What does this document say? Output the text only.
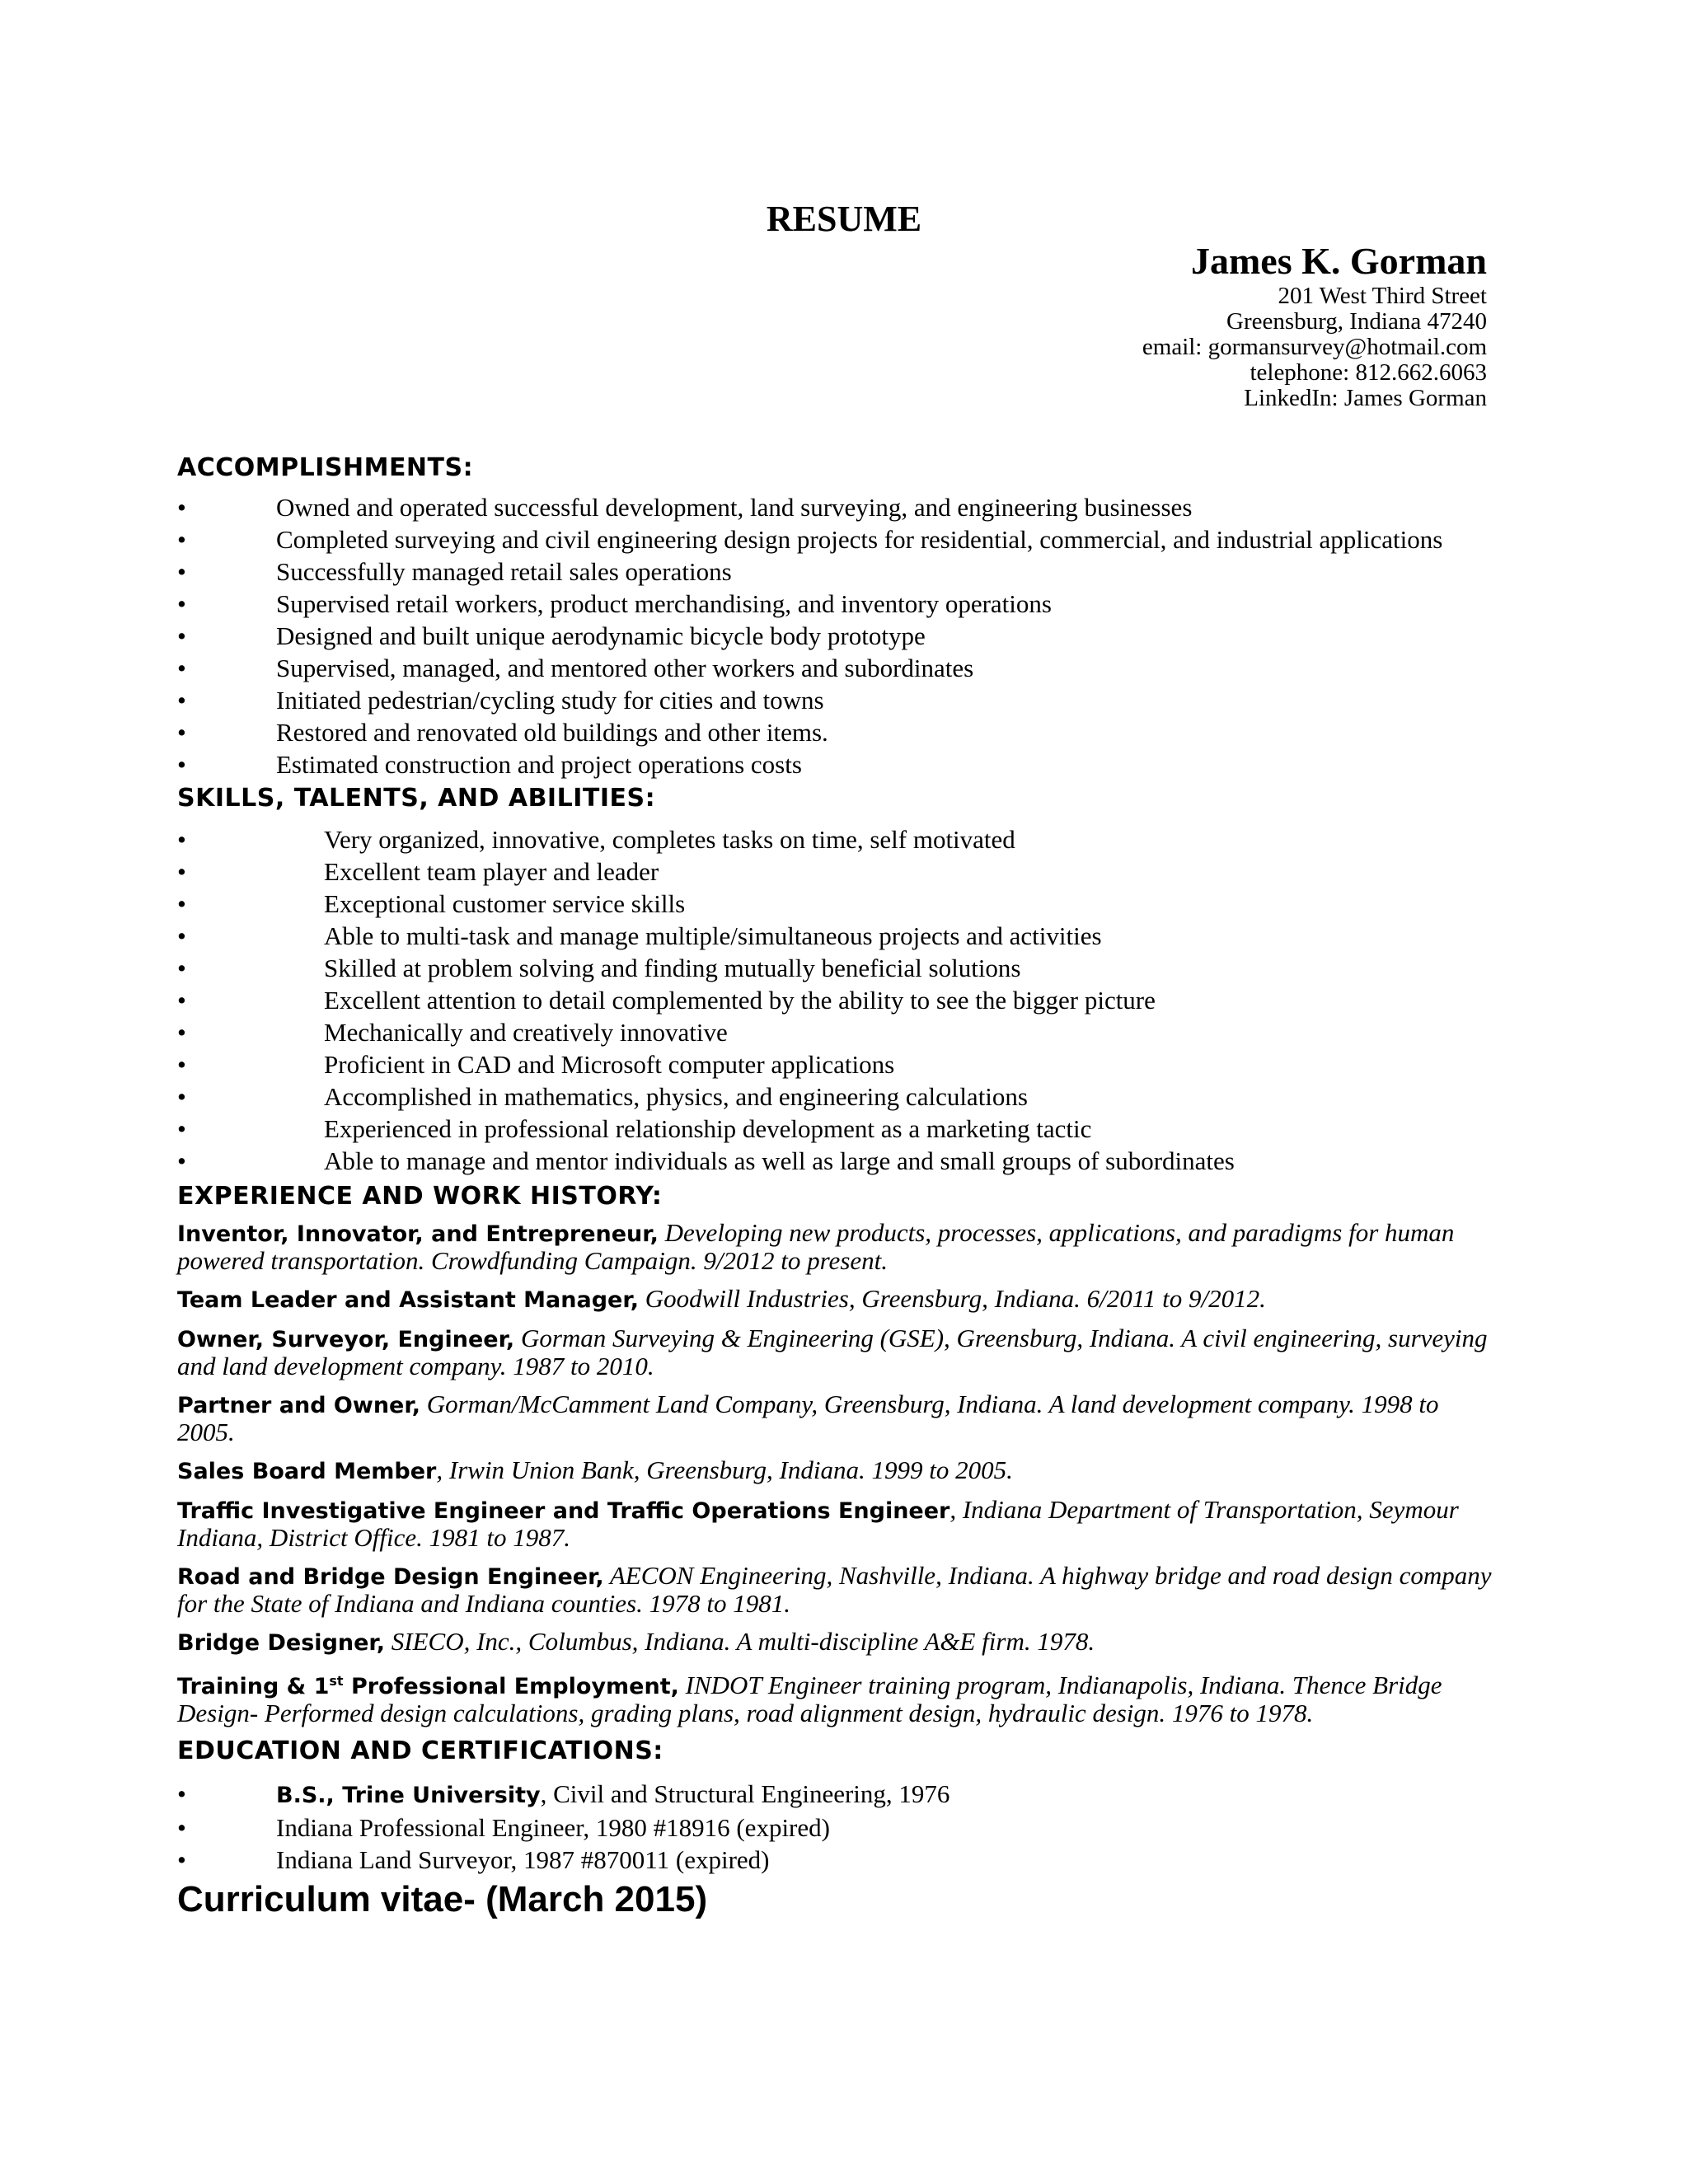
RESUME
James K. Gorman
201 West Third Street
Greensburg, Indiana 47240
email: gormansurvey@hotmail.com
telephone: 812.662.6063
LinkedIn: James Gorman
ACCOMPLISHMENTS:
•	Owned and operated successful development, land surveying, and engineering businesses
•	Completed surveying and civil engineering design projects for residential, commercial, and industrial applications
•	Successfully managed retail sales operations
•	Supervised retail workers, product merchandising, and inventory operations
•	Designed and built unique aerodynamic bicycle body prototype
•	Supervised, managed, and mentored other workers and subordinates
•	Initiated pedestrian/cycling study for cities and towns
•	Restored and renovated old buildings and other items.
•	Estimated construction and project operations costs
SKILLS, TALENTS, AND ABILITIES:
•	Very organized, innovative, completes tasks on time, self motivated
•	Excellent team player and leader
•	Exceptional customer service skills
•	Able to multi-task and manage multiple/simultaneous projects and activities
•	Skilled at problem solving and finding mutually beneficial solutions
•	Excellent attention to detail complemented by the ability to see the bigger picture
•	Mechanically and creatively innovative
•	Proficient in CAD and Microsoft computer applications
•	Accomplished in mathematics, physics, and engineering calculations
•	Experienced in professional relationship development as a marketing tactic
•	Able to manage and mentor individuals as well as large and small groups of subordinates
EXPERIENCE AND WORK HISTORY:
Inventor, Innovator, and Entrepreneur, Developing new products, processes, applications, and paradigms for human powered transportation. Crowdfunding Campaign. 9/2012 to present.
Team Leader and Assistant Manager, Goodwill Industries, Greensburg, Indiana. 6/2011 to 9/2012.
Owner, Surveyor, Engineer, Gorman Surveying & Engineering (GSE), Greensburg, Indiana. A civil engineering, surveying and land development company. 1987 to 2010.
Partner and Owner, Gorman/McCamment Land Company, Greensburg, Indiana. A land development company. 1998 to 2005.
Sales Board Member, Irwin Union Bank, Greensburg, Indiana. 1999 to 2005.
Traffic Investigative Engineer and Traffic Operations Engineer, Indiana Department of Transportation, Seymour Indiana, District Office. 1981 to 1987.
Road and Bridge Design Engineer, AECON Engineering, Nashville, Indiana. A highway bridge and road design company for the State of Indiana and Indiana counties. 1978 to 1981.
Bridge Designer, SIECO, Inc., Columbus, Indiana. A multi-discipline A&E firm. 1978.
Training & 1st Professional Employment, INDOT Engineer training program, Indianapolis, Indiana. Thence Bridge Design- Performed design calculations, grading plans, road alignment design, hydraulic design. 1976 to 1978.
EDUCATION AND CERTIFICATIONS:
•	B.S., Trine University, Civil and Structural Engineering, 1976
•	Indiana Professional Engineer, 1980 #18916 (expired)
•	Indiana Land Surveyor, 1987 #870011 (expired)
Curriculum vitae- (March 2015)
